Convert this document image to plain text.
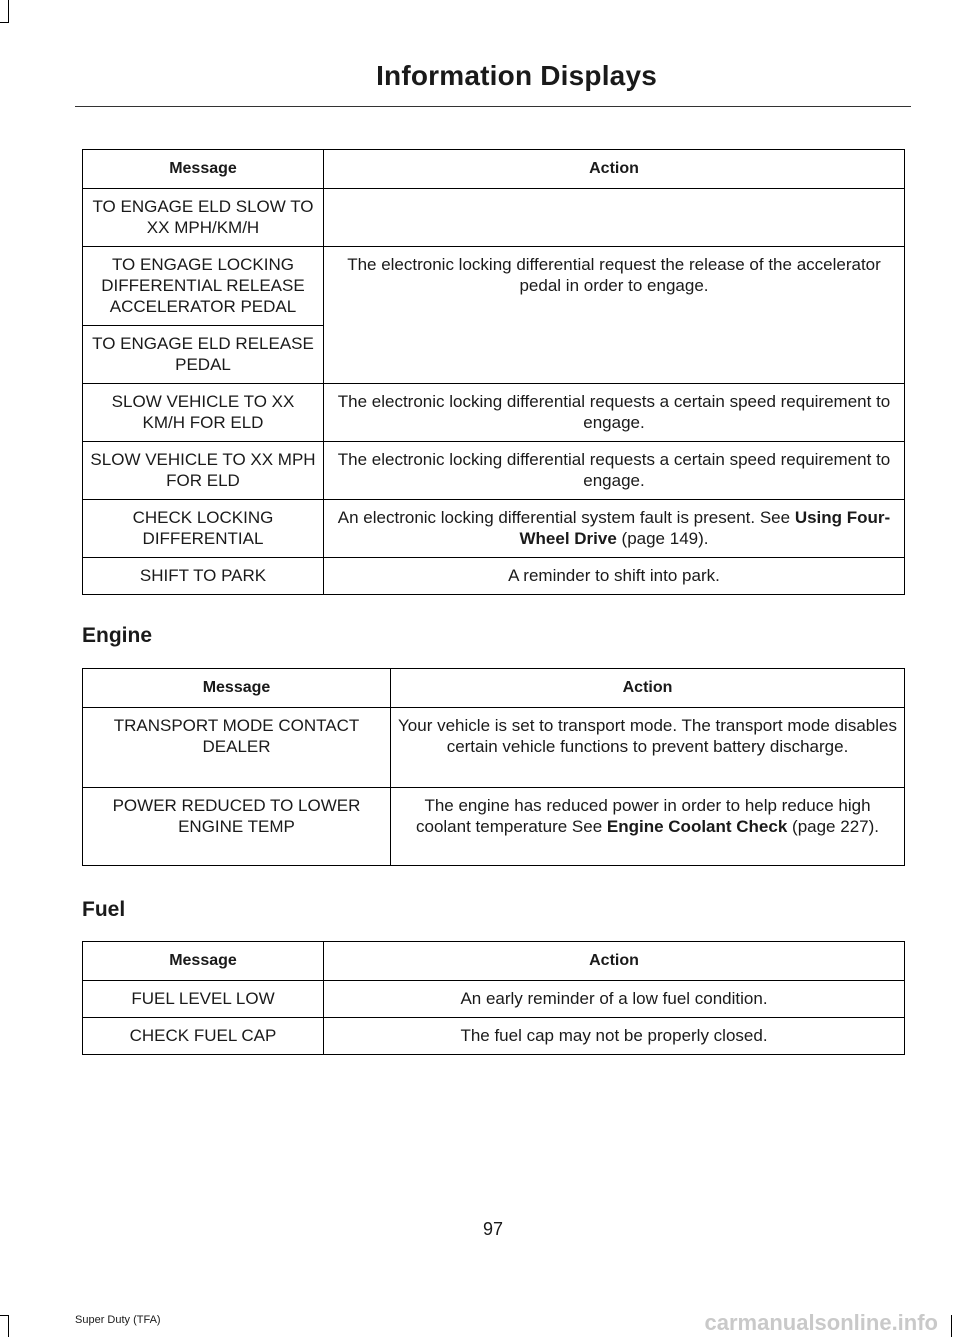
Information Displays
Message	Action
TO ENGAGE ELD SLOW TO XX MPH/KM/H	
TO ENGAGE LOCKING DIFFERENTIAL RELEASE ACCELERATOR PEDAL	The electronic locking differential request the release of the accelerator pedal in order to engage.
TO ENGAGE ELD RELEASE PEDAL	
SLOW VEHICLE TO XX KM/H FOR ELD	The electronic locking differential requests a certain speed requirement to engage.
SLOW VEHICLE TO XX MPH FOR ELD	The electronic locking differential requests a certain speed requirement to engage.
CHECK LOCKING DIFFERENTIAL	An electronic locking differential system fault is present. See Using Four-Wheel Drive (page 149).
SHIFT TO PARK	A reminder to shift into park.
Engine
Message	Action
TRANSPORT MODE CONTACT DEALER	Your vehicle is set to transport mode. The transport mode disables certain vehicle functions to prevent battery discharge.
POWER REDUCED TO LOWER ENGINE TEMP	The engine has reduced power in order to help reduce high coolant temperature See Engine Coolant Check (page 227).
Fuel
Message	Action
FUEL LEVEL LOW	An early reminder of a low fuel condition.
CHECK FUEL CAP	The fuel cap may not be properly closed.
97
Super Duty (TFA)	carmanualsonline.info
